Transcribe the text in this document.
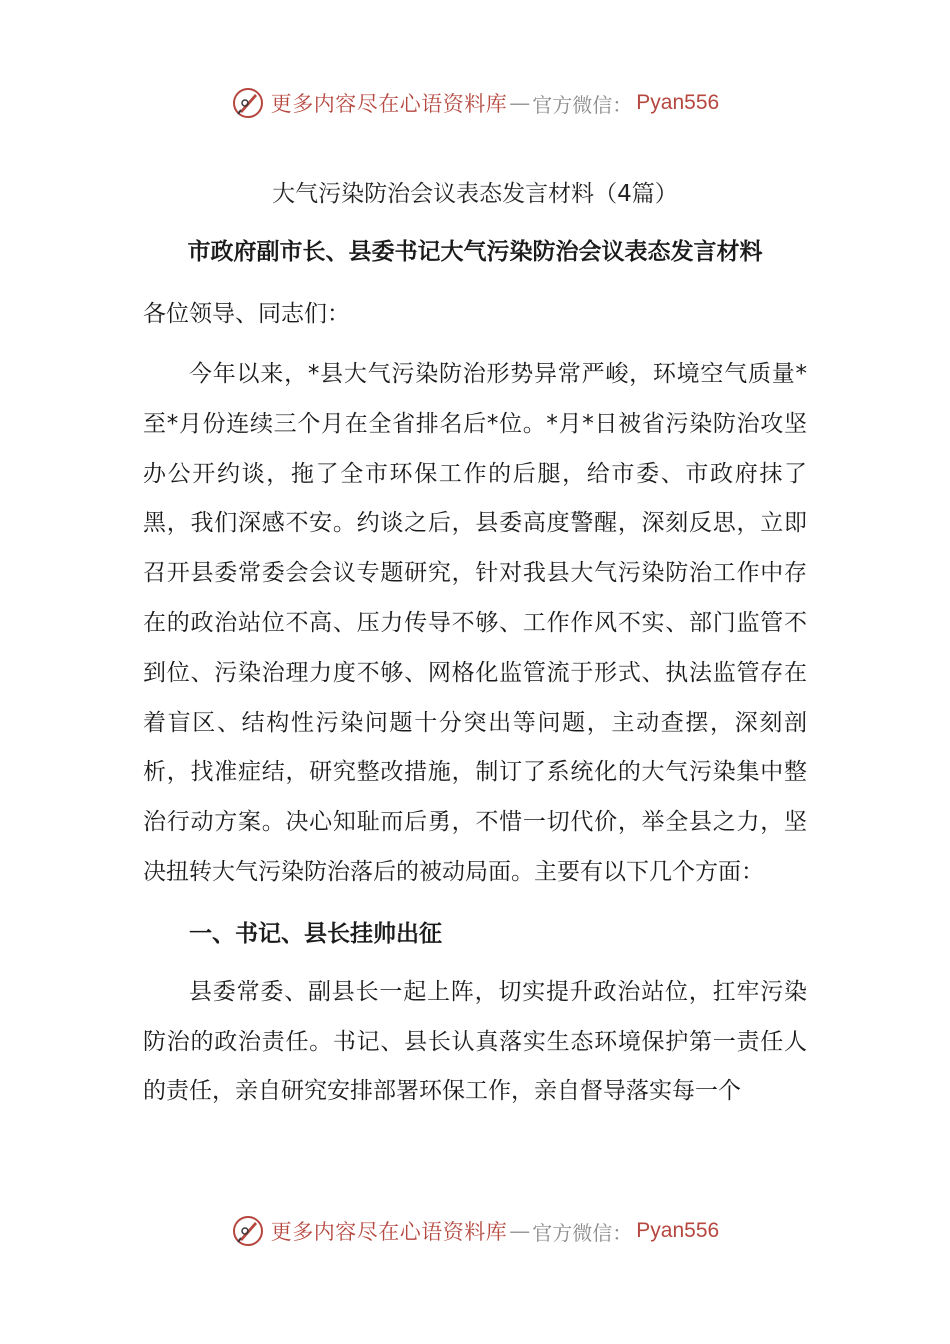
更多内容尽在心语资料库 — 官方微信： Pyan556
大气污染防治会议表态发言材料（4篇）
市政府副市长、县委书记大气污染防治会议表态发言材料

各位领导、同志们：

今年以来，*县大气污染防治形势异常严峻，环境空气质量*至*月份连续三个月在全省排名后*位。*月*日被省污染防治攻坚办公开约谈，拖了全市环保工作的后腿，给市委、市政府抹了黑，我们深感不安。约谈之后，县委高度警醒，深刻反思，立即召开县委常委会会议专题研究，针对我县大气污染防治工作中存在的政治站位不高、压力传导不够、工作作风不实、部门监管不到位、污染治理力度不够、网格化监管流于形式、执法监管存在着盲区、结构性污染问题十分突出等问题，主动查摆，深刻剖析，找准症结，研究整改措施，制订了系统化的大气污染集中整治行动方案。决心知耻而后勇，不惜一切代价，举全县之力，坚决扭转大气污染防治落后的被动局面。主要有以下几个方面：

一、书记、县长挂帅出征

县委常委、副县长一起上阵，切实提升政治站位，扛牢污染防治的政治责任。书记、县长认真落实生态环境保护第一责任人的责任，亲自研究安排部署环保工作，亲自督导落实每一个

更多内容尽在心语资料库 — 官方微信： Pyan556
